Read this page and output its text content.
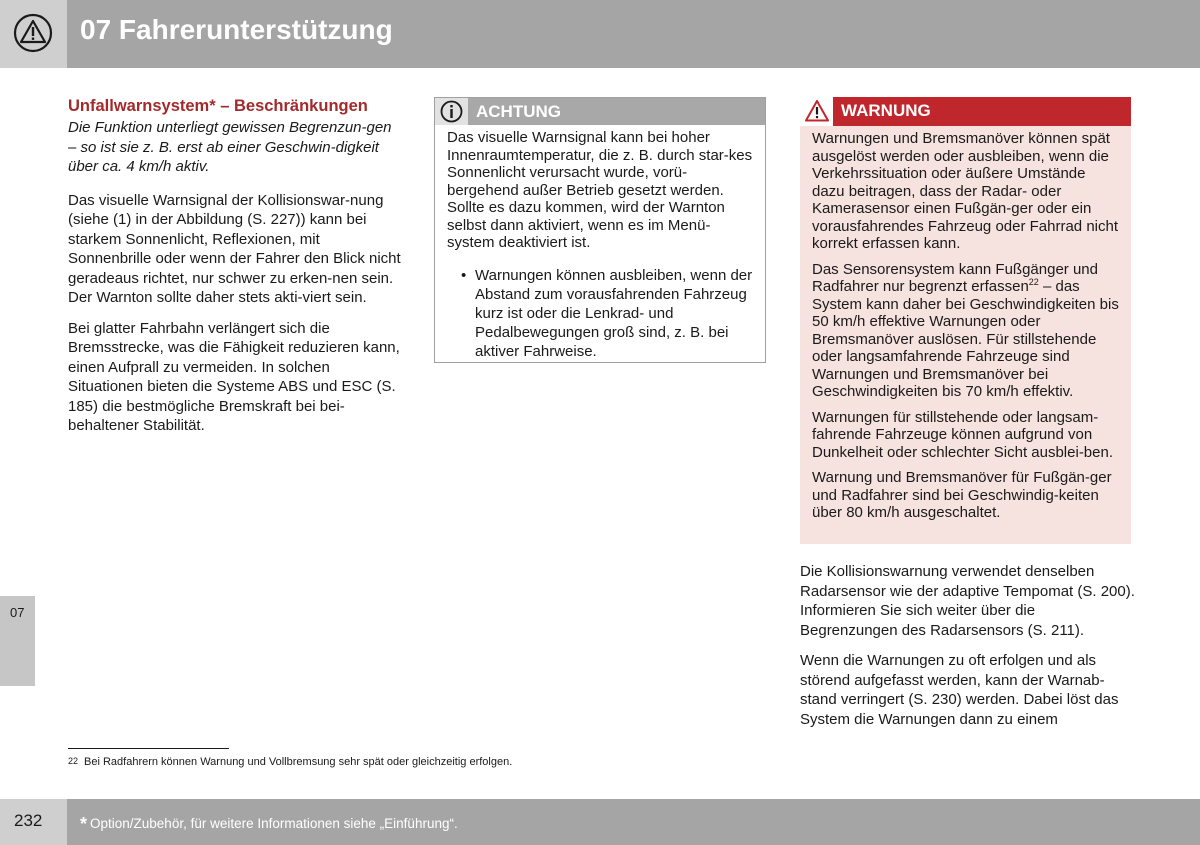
07 Fahrerunterstützung
07
Unfallwarnsystem* – Beschränkungen

Die Funktion unterliegt gewissen Begrenzun-gen – so ist sie z. B. erst ab einer Geschwin-digkeit über ca. 4 km/h aktiv.

Das visuelle Warnsignal der Kollisionswar-nung (siehe (1) in der Abbildung (S. 227)) kann bei starkem Sonnenlicht, Reflexionen, mit Sonnenbrille oder wenn der Fahrer den Blick nicht geradeaus richtet, nur schwer zu erken-nen sein. Der Warnton sollte daher stets akti-viert sein.

Bei glatter Fahrbahn verlängert sich die Bremsstrecke, was die Fähigkeit reduzieren kann, einen Aufprall zu vermeiden. In solchen Situationen bieten die Systeme ABS und ESC (S. 185) die bestmögliche Bremskraft bei bei-behaltener Stabilität.

ACHTUNG

Das visuelle Warnsignal kann bei hoher Innenraumtemperatur, die z. B. durch star-kes Sonnenlicht verursacht wurde, vorü-bergehend außer Betrieb gesetzt werden. Sollte es dazu kommen, wird der Warnton selbst dann aktiviert, wenn es im Menü-system deaktiviert ist.

• Warnungen können ausbleiben, wenn der Abstand zum vorausfahrenden Fahrzeug kurz ist oder die Lenkrad- und Pedalbewegungen groß sind, z. B. bei aktiver Fahrweise.
WARNUNG

Warnungen und Bremsmanöver können spät ausgelöst werden oder ausbleiben, wenn die Verkehrssituation oder äußere Umstände dazu beitragen, dass der Radar- oder Kamerasensor einen Fußgän-ger oder ein vorausfahrendes Fahrzeug oder Fahrrad nicht korrekt erfassen kann.

Das Sensorensystem kann Fußgänger und Radfahrer nur begrenzt erfassen$^{22}$ – das System kann daher bei Geschwindigkeiten bis 50 km/h effektive Warnungen oder Bremsmanöver auslösen. Für stillstehende oder langsamfahrende Fahrzeuge sind Warnungen und Bremsmanöver bei Geschwindigkeiten bis 70 km/h effektiv.

Warnungen für stillstehende oder langsam-fahrende Fahrzeuge können aufgrund von Dunkelheit oder schlechter Sicht ausblei-ben.

Warnung und Bremsmanöver für Fußgän-ger und Radfahrer sind bei Geschwindig-keiten über 80 km/h ausgeschaltet.

Die Kollisionswarnung verwendet denselben Radarsensor wie der adaptive Tempomat (S. 200). Informieren Sie sich weiter über die Begrenzungen des Radarsensors (S. 211).

Wenn die Warnungen zu oft erfolgen und als störend aufgefasst werden, kann der Warnab-stand verringert (S. 230) werden. Dabei löst das System die Warnungen dann zu einem

$^{22}$ Bei Radfahrern können Warnung und Vollbremsung sehr spät oder gleichzeitig erfolgen.
232 * Option/Zubehör, für weitere Informationen siehe „Einführung“.
